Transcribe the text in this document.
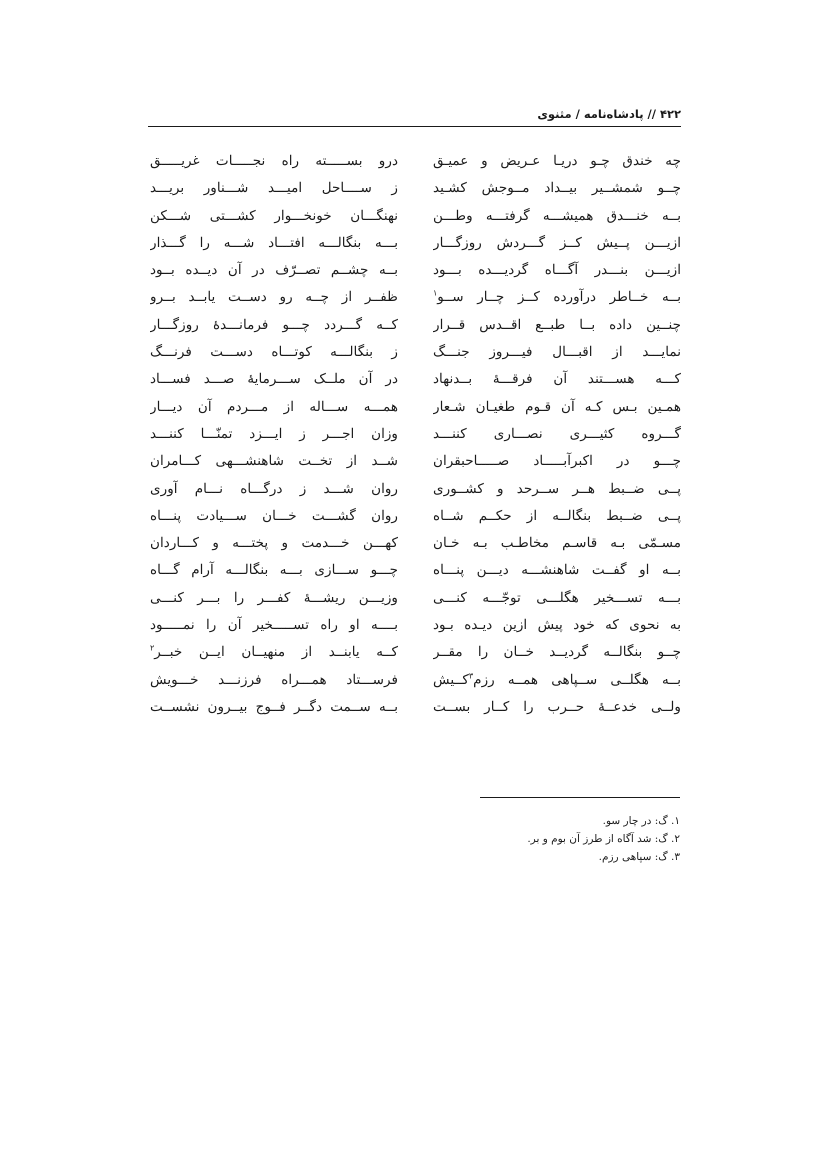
۴۲۲ // پادشاه‌نامه / مثنوی
چه خندق چـو دریـا عـریض و عمیـق
چــو شمشــیر بیــداد مــوجش کشـید
بــه خنـــدق همیشـــه گرفتـــه وطـــن
ازیـــن پــیش کــز گـــردش روزگـــار
ازیـــن بنـــدر آگـــاه گردیـــده بـــود
بــه خــاطر درآورده کــز چــار ســو$^۱$
چنــین داده بــا طبــع اقــدس قــرار
نمایـــد از اقبـــال فیـــروز جنـــگ
کـــه هســـتند آن فرقـــهٔ بــدنهاد
همـین بـس کـه آن قـوم طغیـان شـعار
گـــروه کثیـــری نصـــاری کننـــد
چـــو در اکبرآبـــــاد صـــــاحبقران
پــی ضــبط هــر ســرحد و کشــوری
پــی ضــبط بنگالــه از حکــم شــاه
مسـمّی بـه قاسـم مخاطـب بـه خـان
بــه او گفــت شاهنشـــه دیـــن پنـــاه
بـــه تســـخیر هگلـــی توجّـــه کنـــی
به نحوی که خود پیش ازین دیـده بـود
چــو بنگالــه گردیــد خــان را مقــر
بــه هگلــی ســپاهی همــه رزم$^۳$کــیش
ولــی خدعــهٔ حــرب را کــار بســت
درو بســـــته راه نجـــــات غریـــــق
ز ســــاحل امیـــد شـــناور بریـــد
نهنگـــان خونخـــوار کشـــتی شـــکن
بـــه بنگالـــه افتـــاد شـــه را گـــذار
بــه چشــم تصــرّف در آن دیــده بــود
ظفــر از چــه رو دســت یابــد بــرو
کــه گـــردد چـــو فرمانـــدهٔ روزگـــار
ز بنگالـــه کوتـــاه دســـت فرنـــگ
در آن ملــک ســـرمایهٔ صـــد فســـاد
همـــه ســـاله از مـــردم آن دیـــار
وزان اجـــر ز ایـــزد تمنّـــا کننـــد
شــد از تخــت شاهنشـــهی کـــامران
روان شـــد ز درگـــاه نـــام آوری
روان گشـــت خـــان ســـیادت پنـــاه
کهـــن خـــدمت و پختـــه و کـــاردان
چـــو ســـازی بـــه بنگالـــه آرام گـــاه
وزیـــن ریشـــهٔ کفـــر را بـــر کنـــی
بــــه او راه تســـــخیر آن را نمـــــود
کــه یابنــد از منهیــان ایــن خبــر$^۲$
فرســـتاد همـــراه فرزنـــد خـــویش
بــه ســمت دگــر فــوج بیــرون نشســت
۱. گ: در چار سو.
۲. گ: شد آگاه از طرز آن بوم و بر.
۳. گ: سپاهی رزم.
